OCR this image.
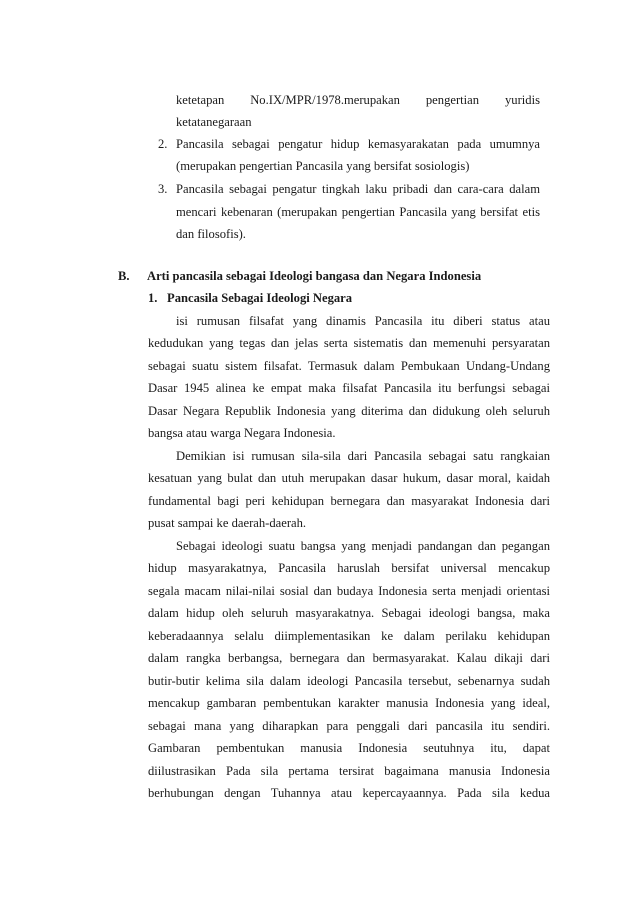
ketetapan No.IX/MPR/1978.merupakan pengertian yuridis
ketatanegaraan
2. Pancasila sebagai pengatur hidup kemasyarakatan pada umumnya
(merupakan pengertian Pancasila yang bersifat sosiologis)
3. Pancasila sebagai pengatur tingkah laku pribadi dan cara-cara dalam
mencari kebenaran (merupakan pengertian Pancasila yang bersifat etis
dan filosofis).
B. Arti pancasila sebagai Ideologi bangasa dan Negara Indonesia
1. Pancasila Sebagai Ideologi Negara
isi rumusan filsafat yang dinamis Pancasila itu diberi status atau
kedudukan yang tegas dan jelas serta sistematis dan memenuhi persyaratan
sebagai suatu sistem filsafat. Termasuk dalam Pembukaan Undang-Undang
Dasar 1945 alinea ke empat maka filsafat Pancasila itu berfungsi sebagai
Dasar Negara Republik Indonesia yang diterima dan didukung oleh seluruh
bangsa atau warga Negara Indonesia.
Demikian isi rumusan sila-sila dari Pancasila sebagai satu rangkaian
kesatuan yang bulat dan utuh merupakan dasar hukum, dasar moral, kaidah
fundamental bagi peri kehidupan bernegara dan masyarakat Indonesia dari
pusat sampai ke daerah-daerah.
Sebagai ideologi suatu bangsa yang menjadi pandangan dan pegangan
hidup masyarakatnya, Pancasila haruslah bersifat universal mencakup
segala macam nilai-nilai sosial dan budaya Indonesia serta menjadi orientasi
dalam hidup oleh seluruh masyarakatnya. Sebagai ideologi bangsa, maka
keberadaannya selalu diimplementasikan ke dalam perilaku kehidupan
dalam rangka berbangsa, bernegara dan bermasyarakat. Kalau dikaji dari
butir-butir kelima sila dalam ideologi Pancasila tersebut, sebenarnya sudah
mencakup gambaran pembentukan karakter manusia Indonesia yang ideal,
sebagai mana yang diharapkan para penggali dari pancasila itu sendiri.
Gambaran pembentukan manusia Indonesia seutuhnya itu, dapat
diilustrasikan Pada sila pertama tersirat bagaimana manusia Indonesia
berhubungan dengan Tuhannya atau kepercayaannya. Pada sila kedua
